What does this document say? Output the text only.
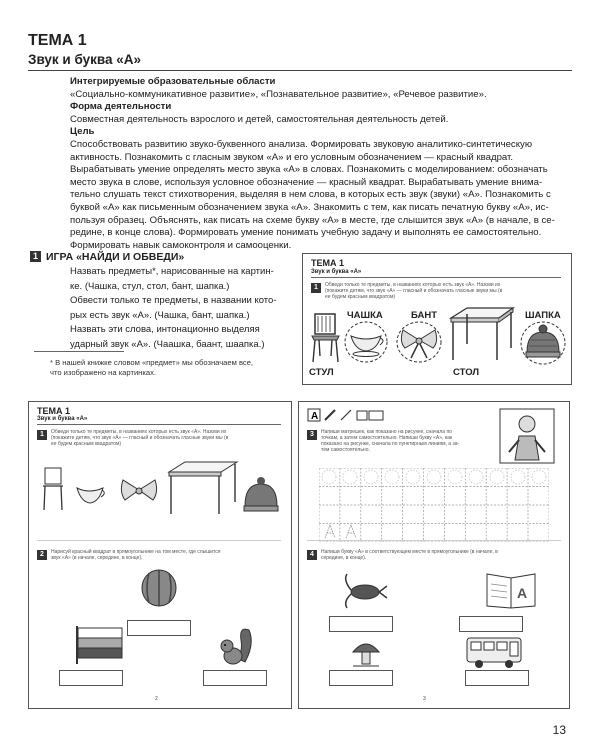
ТЕМА 1
Звук и буква «А»

Интегрируемые образовательные области

«Социально-коммуникативное развитие», «Познавательное развитие», «Речевое развитие».

Форма деятельности

Совместная деятельность взрослого и детей, самостоятельная деятельность детей.

Цель

Способствовать развитию звуко-буквенного анализа. Формировать звуковую аналитико-синтетическую

активность. Познакомить с гласным звуком «А» и его условным обозначением — красный квадрат.

Вырабатывать умение определять место звука «А» в словах. Познакомить с моделированием: обозначать

место звука в слове, используя условное обозначение — красный квадрат. Вырабатывать умение внима-

тельно слушать текст стихотворения, выделяя в нем слова, в которых есть звук (звуки) «А». Познакомить с

буквой «А» как письменным обозначением звука «А». Знакомить с тем, как писать печатную букву «А», ис-

пользуя образец. Объяснять, как писать на схеме букву «А» в месте, где слышится звук «А» (в начале, в се-

редине, в конце слова). Формировать умение понимать учебную задачу и выполнять ее самостоятельно.

Формировать навык самоконтроля и самооценки.

1 ИГРА «НАЙДИ И ОБВЕДИ»

Назвать предметы*, нарисованные на картин-

ке. (Чашка, стул, стол, бант, шапка.)

Обвести только те предметы, в названии кото-

рых есть звук «А». (Чашка, бант, шапка.)

Назвать эти слова, интонационно выделяя

ударный звук «А». (Чаашка, баант, шаапка.)

* В нашей книжке словом «предмет» мы обозначаем все,
что изображено на картинках.
ТЕМА 1
Звук и буква «А»
1	Обведи только те предметы, в названиях которых есть звук «А». Назови их
(покажите детям, что звук «А» — гласный и обозначать гласные звуки мы (в
ее будем красным квадратом)
ЧАШКА	БАНТ	ШАПКА
СТУЛ	СТОЛ
ТЕМА 1
Звук и буква «А»
1	Обведи только те предметы, в названиях которых есть звук «А». Назови их
(покажите детям, что звук «А» — гласный и обозначать гласные звуки мы (в
ее будем красным квадратом)
2	Нарисуй красный квадрат в прямоугольнике на том месте, где слышится
звук «А» (в начале, середине, в конце).
2
A
3	Напиши матрешек, как показано на рисунке, сначала по
точкам, а затем самостоятельно. Напиши букву «А», как
показано на рисунке, сначала по пунктирным линиям, а за-
тем самостоятельно.
4	Напиши букву «А» в соответствующем месте в прямоугольнике (в начале, в
середине, в конце).
A
3
13
